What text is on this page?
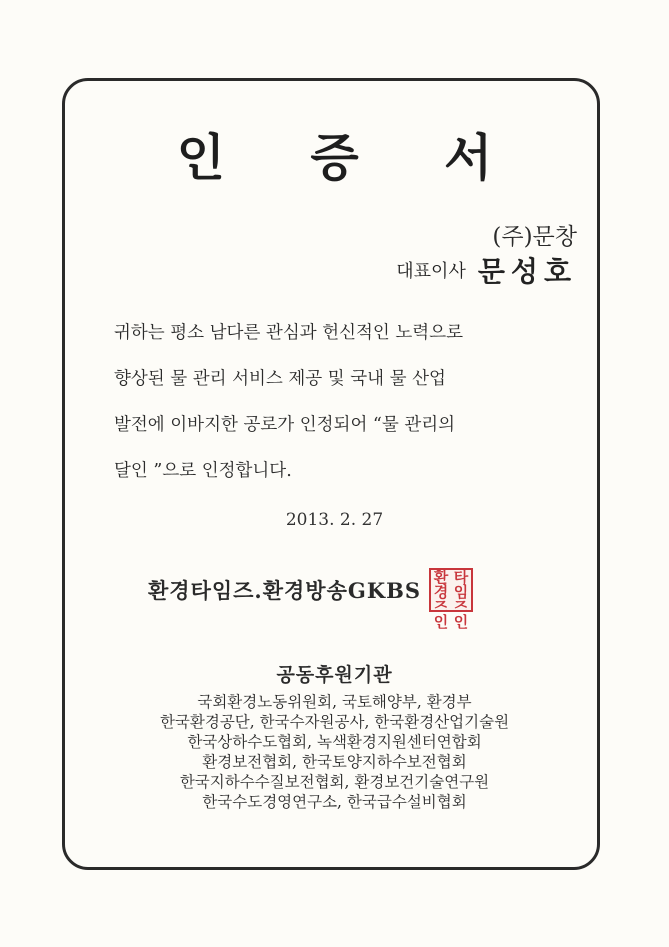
인 증 서
(주)문창
대표이사 문성호
귀하는 평소 남다른 관심과 헌신적인 노력으로
향상된 물 관리 서비스 제공 및 국내 물 산업
발전에 이바지한 공로가 인정되어 “물 관리의
달인 ”으로 인정합니다.
2013. 2. 27
환경타임즈.환경방송GKBS
환경
타임
즈인
즈인
공동후원기관
국회환경노동위원회, 국토해양부, 환경부
한국환경공단, 한국수자원공사, 한국환경산업기술원
한국상하수도협회, 녹색환경지원센터연합회
환경보전협회, 한국토양지하수보전협회
한국지하수수질보전협회, 환경보건기술연구원
한국수도경영연구소, 한국급수설비협회
